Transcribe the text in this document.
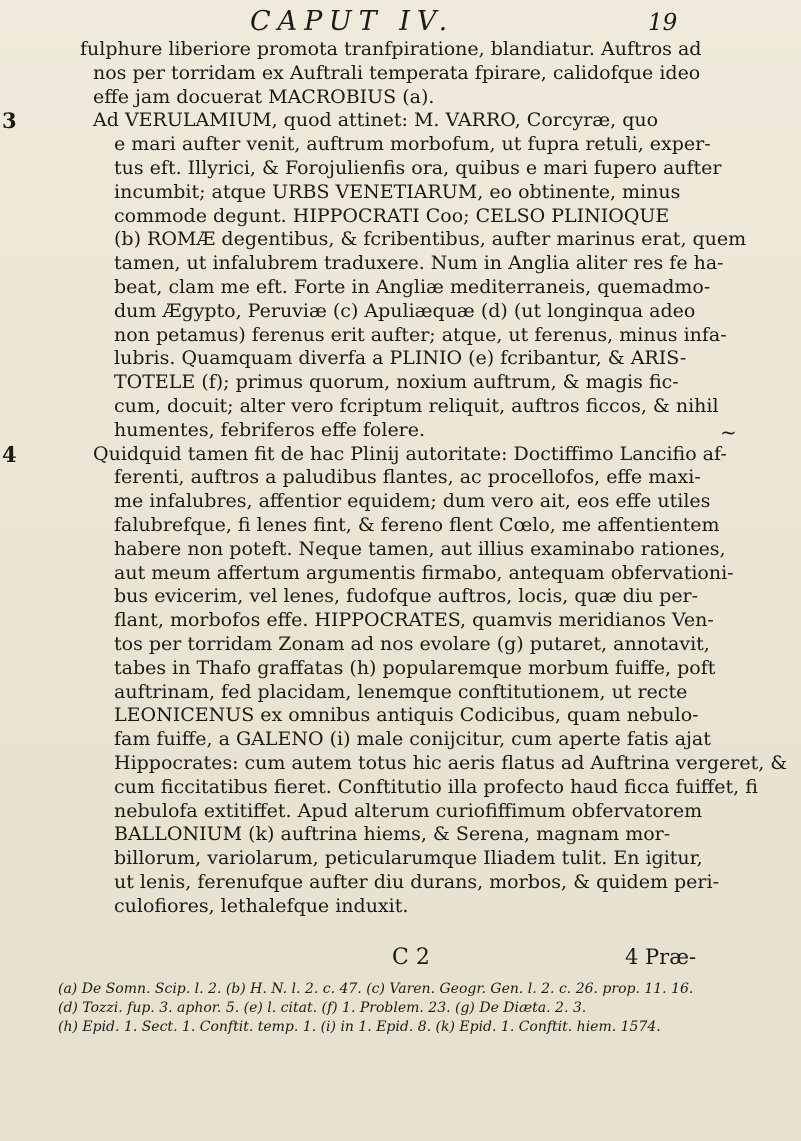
CAPUT IV.	19
fulphure liberiore promota tranfpiratione, blandiatur. Auftros ad
nos per torridam ex Auftrali temperata fpirare, calidofque ideo
effe jam docuerat MACROBIUS (a).
3	Ad VERULAMIUM, quod attinet: M. VARRO, Corcyræ, quo
e mari aufter venit, auftrum morbofum, ut fupra retuli, exper-
tus eft. Illyrici, & Forojulienfis ora, quibus e mari fupero aufter
incumbit; atque URBS VENETIARUM, eo obtinente, minus
commode degunt. HIPPOCRATI Coo; CELSO PLINIOQUE
(b) ROMÆ degentibus, & fcribentibus, aufter marinus erat, quem
tamen, ut infalubrem traduxere. Num in Anglia aliter res fe ha-
beat, clam me eft. Forte in Angliæ mediterraneis, quemadmo-
dum Ægypto, Peruviæ (c) Apuliæquæ (d) (ut longinqua adeo
non petamus) ferenus erit aufter; atque, ut ferenus, minus infa-
lubris. Quamquam diverfa a PLINIO (e) fcribantur, & ARIS-
TOTELE (f); primus quorum, noxium auftrum, & magis fic-
cum, docuit; alter vero fcriptum reliquit, auftros ficcos, & nihil
humentes, febriferos effe folere.
4	Quidquid tamen fit de hac Plinij autoritate: Doctiffimo Lancifio af-
ferenti, auftros a paludibus flantes, ac procellofos, effe maxi-
me infalubres, affentior equidem; dum vero ait, eos effe utiles
falubrefque, fi lenes fint, & fereno flent Cœlo, me affentientem
habere non poteft. Neque tamen, aut illius examinabo rationes,
aut meum affertum argumentis firmabo, antequam obfervationi-
bus evicerim, vel lenes, fudofque auftros, locis, quæ diu per-
flant, morbofos effe. HIPPOCRATES, quamvis meridianos Ven-
tos per torridam Zonam ad nos evolare (g) putaret, annotavit,
tabes in Thafo graffatas (h) popularemque morbum fuiffe, poft
auftrinam, fed placidam, lenemque conftitutionem, ut recte
LEONICENUS ex omnibus antiquis Codicibus, quam nebulo-
fam fuiffe, a GALENO (i) male conijcitur, cum aperte fatis ajat
Hippocrates: cum autem totus hic aeris flatus ad Auftrina vergeret, &
cum ficcitatibus fieret. Conftitutio illa profecto haud ficca fuiffet, fi
nebulofa extitiffet. Apud alterum curiofiffimum obfervatorem
BALLONIUM (k) auftrina hiems, & Serena, magnam mor-
billorum, variolarum, peticularumque Iliadem tulit. En igitur,
ut lenis, ferenufque aufter diu durans, morbos, & quidem peri-
culofiores, lethalefque induxit.
~
C 2	4 Præ-
(a) De Somn. Scip. l. 2. (b) H. N. l. 2. c. 47. (c) Varen. Geogr. Gen. l. 2. c. 26. prop. 11. 16.
(d) Tozzi. fup. 3. aphor. 5. (e) l. citat. (f) 1. Problem. 23. (g) De Diæta. 2. 3.
(h) Epid. 1. Sect. 1. Conftit. temp. 1. (i) in 1. Epid. 8. (k) Epid. 1. Conftit. hiem. 1574.
